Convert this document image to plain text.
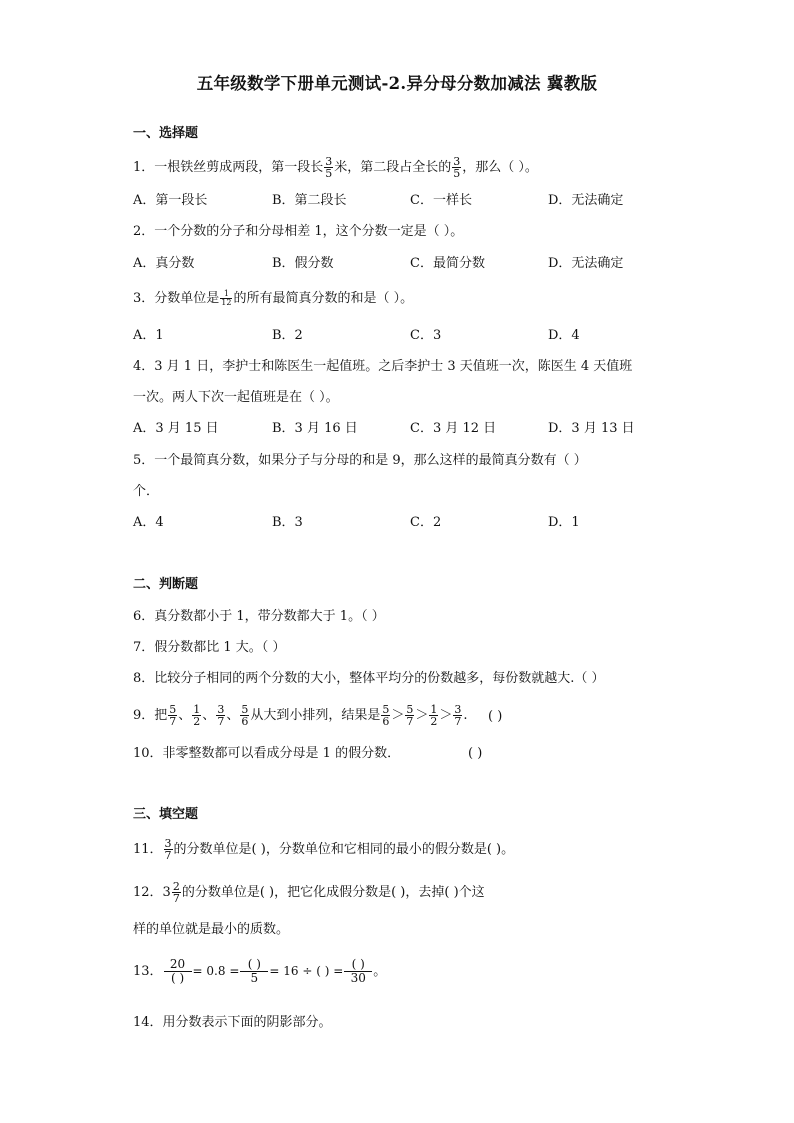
五年级数学下册单元测试-2.异分母分数加减法 冀教版
一、选择题
1．一根铁丝剪成两段，第一段长 $\frac{3}{5}$ 米，第二段占全长的 $\frac{3}{5}$ ，那么（ ）。
A．第一段长	B．第二段长	C．一样长	D．无法确定
2．一个分数的分子和分母相差 1，这个分数一定是（ ）。
A．真分数	B．假分数	C．最简分数	D．无法确定
3．分数单位是 $\frac{1}{12}$ 的所有最简真分数的和是（ ）。
A．1	B．2	C．3	D．4
4．3 月 1 日，李护士和陈医生一起值班。之后李护士 3 天值班一次，陈医生 4 天值班
一次。两人下次一起值班是在（ ）。
A．3 月 15 日	B．3 月 16 日	C．3 月 12 日	D．3 月 13 日
5．一个最简真分数，如果分子与分母的和是 9，那么这样的最简真分数有（ ）
个．
A．4	B．3	C．2	D．1
二、判断题
6．真分数都小于 1，带分数都大于 1。（ ）
7．假分数都比 1 大。（ ）
8．比较分子相同的两个分数的大小，整体平均分的份数越多，每份数就越大.（ ）
9．把 $\frac{5}{7}$ 、 $\frac{1}{2}$ 、 $\frac{3}{7}$ 、 $\frac{5}{6}$ 从大到小排列，结果是 $\frac{5}{6} > \frac{5}{7} > \frac{1}{2} > \frac{3}{7}$ . ( )
10．非零整数都可以看成分母是 1 的假分数．	( )
三、填空题
11． $\frac{3}{7}$ 的分数单位是( )，分数单位和它相同的最小的假分数是( )。
12．$3 \frac{2}{7}$ 的分数单位是( )，把它化成假分数是( )，去掉( )个这
样的单位就是最小的质数。
13． $\frac{20}{( )} = 0.8 = \frac{( )}{5} = 16$ ÷ ( ) = $\frac{( )}{30}$ 。
14．用分数表示下面的阴影部分。
